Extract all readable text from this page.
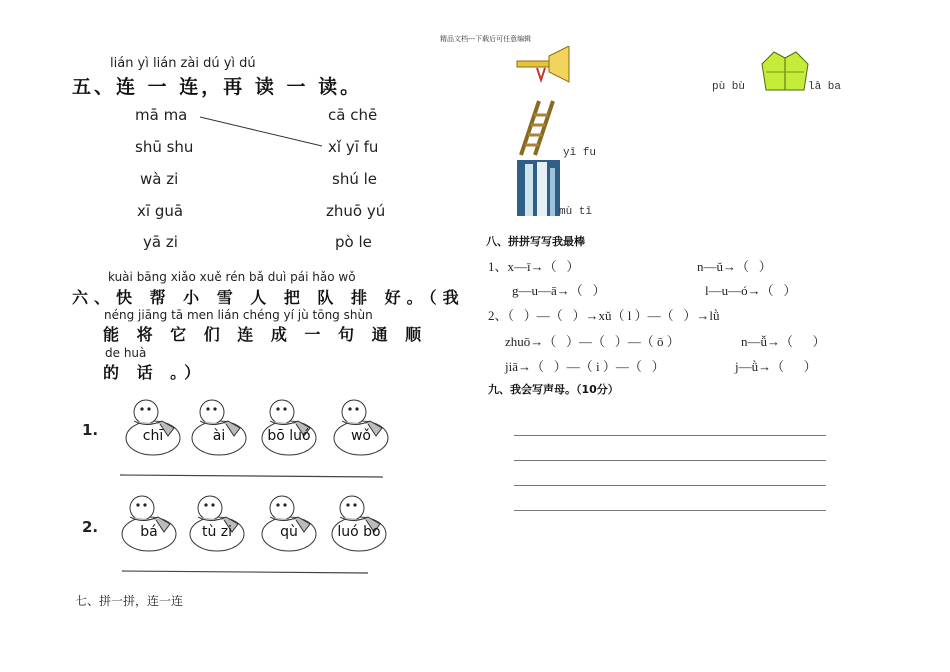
精品文档---下载后可任意编辑
lián yì lián zài dú yì dú
五、连 一 连，再 读 一 读。
mā ma
shū shu
wà zi
xī guā
yā zi
cā chē
xǐ yī fu
shú le
zhuō yú
pò le
kuài bāng xiǎo xuě rén bǎ duì pái hǎo wǒ
六、快 帮 小 雪 人 把 队 排 好。（我
néng jiāng tā men lián chéng yí jù tōng shùn
能 将 它 们 连 成 一 句 通 顺
de huà
的 话 。）
1.
2.
chī	ài	bō luó	wǒ
bá	tù zi	qù	luó bo
七、拼一拼，连一连
yī fu
mù tī
pù bù	lā ba
八、拼拼写写我最棒
1、x—ī→（   ）	n—ǔ→（   ）
g—u—ā→（   ）	l—u—ó→（   ）
2、（   ）—（   ）→xǔ（ l ）—（   ）→lǜ
zhuō→（   ）—（   ）—（ ō ）	n—ǚ→（      ）
jiā→（   ）—（ i ）—（   ）	j—ǜ→（      ）
九、我会写声母。（10分）
